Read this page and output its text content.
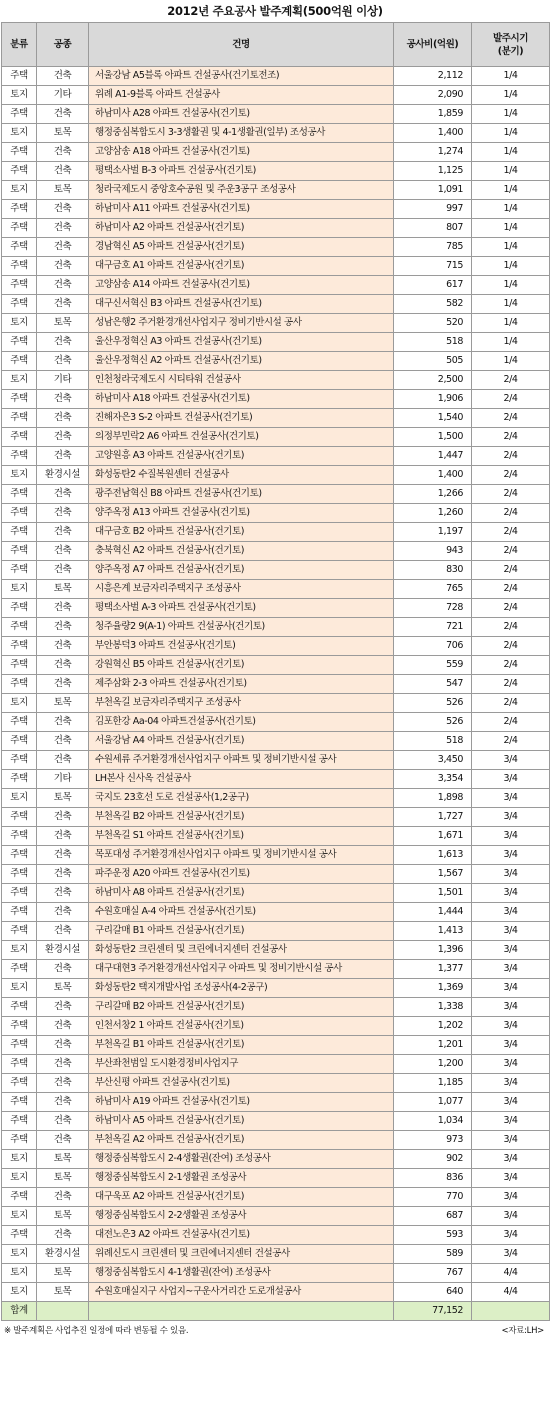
2012년 주요공사 발주계획(500억원 이상)
분류	공종	건명	공사비(억원)	발주시기
(분기)
주택	건축	서울강남 A5블록 아파트 건설공사(건기토전조)	2,112	1/4
토지	기타	위례 A1-9블록 아파트 건설공사	2,090	1/4
주택	건축	하남미사 A28 아파트 건설공사(건기토)	1,859	1/4
토지	토목	행정중심복합도시 3-3생활권 및 4-1생활권(일부) 조성공사	1,400	1/4
주택	건축	고양삼송 A18 아파트 건설공사(건기토)	1,274	1/4
주택	건축	평택소사벌 B-3 아파트 건설공사(건기토)	1,125	1/4
토지	토목	청라국제도시 중앙호수공원 및 주운3공구 조성공사	1,091	1/4
주택	건축	하남미사 A11 아파트 건설공사(건기토)	997	1/4
주택	건축	하남미사 A2 아파트 건설공사(건기토)	807	1/4
주택	건축	경남혁신 A5 아파트 건설공사(건기토)	785	1/4
주택	건축	대구금호 A1 아파트 건설공사(건기토)	715	1/4
주택	건축	고양삼송 A14 아파트 건설공사(건기토)	617	1/4
주택	건축	대구신서혁신 B3 아파트 건설공사(건기토)	582	1/4
토지	토목	성남은행2 주거환경개선사업지구 정비기반시설 공사	520	1/4
주택	건축	울산우정혁신 A3 아파트 건설공사(건기토)	518	1/4
주택	건축	울산우정혁신 A2 아파트 건설공사(건기토)	505	1/4
토지	기타	인천청라국제도시 시티타워 건설공사	2,500	2/4
주택	건축	하남미사 A18 아파트 건설공사(건기토)	1,906	2/4
주택	건축	진해자은3 S-2 아파트 건설공사(건기토)	1,540	2/4
주택	건축	의정부민락2 A6 아파트 건설공사(건기토)	1,500	2/4
주택	건축	고양원흥 A3 아파트 건설공사(건기토)	1,447	2/4
토지	환경시설	화성동탄2 수질복원센터 건설공사	1,400	2/4
주택	건축	광주전남혁신 B8 아파트 건설공사(건기토)	1,266	2/4
주택	건축	양주옥정 A13 아파트 건설공사(건기토)	1,260	2/4
주택	건축	대구금호 B2 아파트 건설공사(건기토)	1,197	2/4
주택	건축	충북혁신 A2 아파트 건설공사(건기토)	943	2/4
주택	건축	양주옥정 A7 아파트 건설공사(건기토)	830	2/4
토지	토목	시흥은계 보금자리주택지구 조성공사	765	2/4
주택	건축	평택소사벌 A-3 아파트 건설공사(건기토)	728	2/4
주택	건축	청주율량2 9(A-1) 아파트 건설공사(건기토)	721	2/4
주택	건축	부안봉덕3 아파트 건설공사(건기토)	706	2/4
주택	건축	강원혁신 B5 아파트 건설공사(건기토)	559	2/4
주택	건축	제주삼화 2-3 아파트 건설공사(건기토)	547	2/4
토지	토목	부천옥길 보금자리주택지구 조성공사	526	2/4
주택	건축	김포한강 Aa-04 아파트건설공사(건기토)	526	2/4
주택	건축	서울강남 A4 아파트 건설공사(건기토)	518	2/4
주택	건축	수원세류 주거환경개선사업지구 아파트 및 정비기반시설 공사	3,450	3/4
주택	기타	LH본사 신사옥 건설공사	3,354	3/4
토지	토목	국지도 23호선 도로 건설공사(1,2공구)	1,898	3/4
주택	건축	부천옥길 B2 아파트 건설공사(건기토)	1,727	3/4
주택	건축	부천옥길 S1 아파트 건설공사(건기토)	1,671	3/4
주택	건축	목포대성 주거환경개선사업지구 아파트 및 정비기반시설 공사	1,613	3/4
주택	건축	파주운정 A20 아파트 건설공사(건기토)	1,567	3/4
주택	건축	하남미사 A8 아파트 건설공사(건기토)	1,501	3/4
주택	건축	수원호매실 A-4 아파트 건설공사(건기토)	1,444	3/4
주택	건축	구리갈매 B1 아파트 건설공사(건기토)	1,413	3/4
토지	환경시설	화성동탄2 크린센터 및 크린에너지센터 건설공사	1,396	3/4
주택	건축	대구대현3 주거환경개선사업지구 아파트 및 정비기반시설 공사	1,377	3/4
토지	토목	화성동탄2 택지개발사업 조성공사(4-2공구)	1,369	3/4
주택	건축	구리갈매 B2 아파트 건설공사(건기토)	1,338	3/4
주택	건축	인천서창2 1 아파트 건설공사(건기토)	1,202	3/4
주택	건축	부천옥길 B1 아파트 건설공사(건기토)	1,201	3/4
주택	건축	부산좌천범일 도시환경정비사업지구	1,200	3/4
주택	건축	부산신평 아파트 건설공사(건기토)	1,185	3/4
주택	건축	하남미사 A19 아파트 건설공사(건기토)	1,077	3/4
주택	건축	하남미사 A5 아파트 건설공사(건기토)	1,034	3/4
주택	건축	부천옥길 A2 아파트 건설공사(건기토)	973	3/4
토지	토목	행정중심복합도시 2-4생활권(잔여) 조성공사	902	3/4
토지	토목	행정중심복합도시 2-1생활권 조성공사	836	3/4
주택	건축	대구욱포 A2 아파트 건설공사(건기토)	770	3/4
토지	토목	행정중심복합도시 2-2생활권 조성공사	687	3/4
주택	건축	대전노은3 A2 아파트 건설공사(건기토)	593	3/4
토지	환경시설	위례신도시 크린센터 및 크린에너지센터 건설공사	589	3/4
토지	토목	행정중심복합도시 4-1생활권(잔여) 조성공사	767	4/4
토지	토목	수원호매실지구 사업지~구운사거리간 도로개설공사	640	4/4
합계			77,152	
※ 발주계획은 사업추진 일정에 따라 변동될 수 있음.	<자료:LH>
